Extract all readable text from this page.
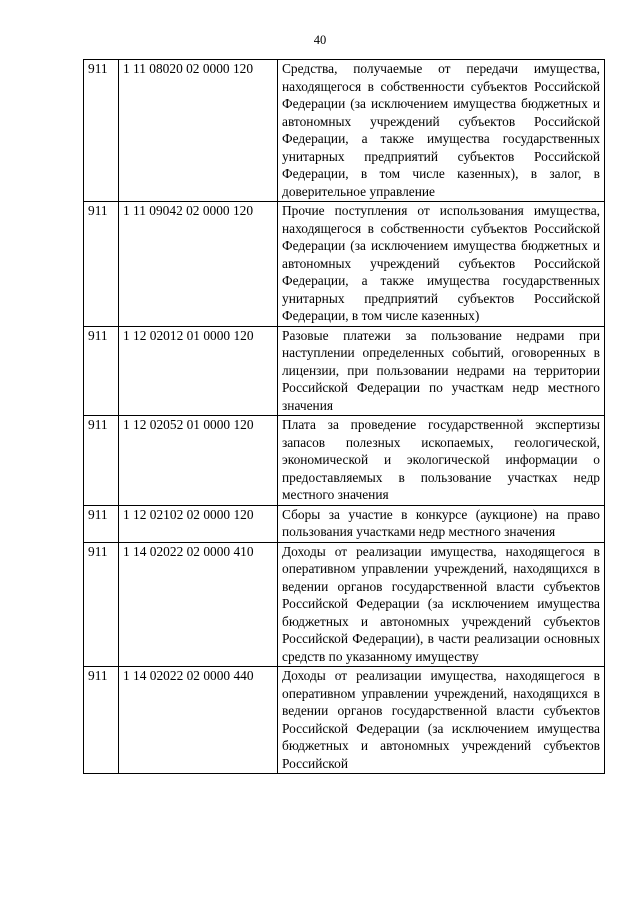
40
911	1 11 08020 02 0000 120	Средства, получаемые от передачи имущества, находящегося в собственности субъектов Российской Федерации (за исключением имущества бюджетных и автономных учреждений субъектов Российской Федерации, а также имущества государственных унитарных предприятий субъектов Российской Федерации, в том числе казенных), в залог, в доверительное управление
911	1 11 09042 02 0000 120	Прочие поступления от использования имущества, находящегося в собственности субъектов Российской Федерации (за исключением имущества бюджетных и автономных учреждений субъектов Российской Федерации, а также имущества государственных унитарных предприятий субъектов Российской Федерации, в том числе казенных)
911	1 12 02012 01 0000 120	Разовые платежи за пользование недрами при наступлении определенных событий, оговоренных в лицензии, при пользовании недрами на территории Российской Федерации по участкам недр местного значения
911	1 12 02052 01 0000 120	Плата за проведение государственной экспертизы запасов полезных ископаемых, геологической, экономической и экологической информации о предоставляемых в пользование участках недр местного значения
911	1 12 02102 02 0000 120	Сборы за участие в конкурсе (аукционе) на право пользования участками недр местного значения
911	1 14 02022 02 0000 410	Доходы от реализации имущества, находящегося в оперативном управлении учреждений, находящихся в ведении органов государственной власти субъектов Российской Федерации (за исключением имущества бюджетных и автономных учреждений субъектов Российской Федерации), в части реализации основных средств по указанному имуществу
911	1 14 02022 02 0000 440	Доходы от реализации имущества, находящегося в оперативном управлении учреждений, находящихся в ведении органов государственной власти субъектов Российской Федерации (за исключением имущества бюджетных и автономных учреждений субъектов Российской
